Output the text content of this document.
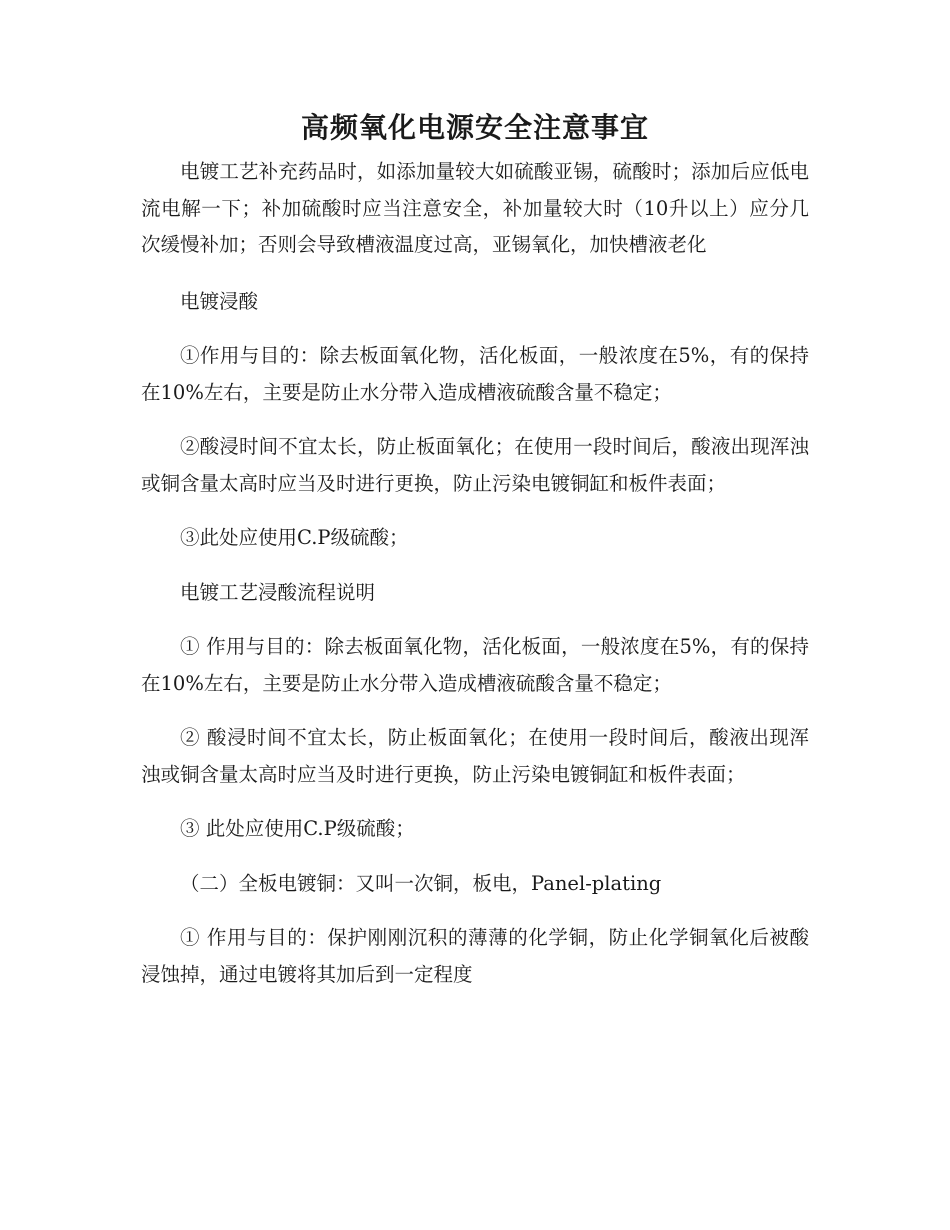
高频氧化电源安全注意事宜

电镀工艺补充药品时，如添加量较大如硫酸亚锡，硫酸时；添加后应低电流电解一下；补加硫酸时应当注意安全，补加量较大时（10升以上）应分几次缓慢补加；否则会导致槽液温度过高，亚锡氧化，加快槽液老化

电镀浸酸

①作用与目的：除去板面氧化物，活化板面，一般浓度在5%，有的保持在10%左右，主要是防止水分带入造成槽液硫酸含量不稳定；

②酸浸时间不宜太长，防止板面氧化；在使用一段时间后，酸液出现浑浊或铜含量太高时应当及时进行更换，防止污染电镀铜缸和板件表面；

③此处应使用C.P级硫酸；

电镀工艺浸酸流程说明

① 作用与目的：除去板面氧化物，活化板面，一般浓度在5%，有的保持在10%左右，主要是防止水分带入造成槽液硫酸含量不稳定；

② 酸浸时间不宜太长，防止板面氧化；在使用一段时间后，酸液出现浑浊或铜含量太高时应当及时进行更换，防止污染电镀铜缸和板件表面；

③ 此处应使用C.P级硫酸；

（二）全板电镀铜：又叫一次铜，板电，Panel-plating

① 作用与目的：保护刚刚沉积的薄薄的化学铜，防止化学铜氧化后被酸浸蚀掉，通过电镀将其加后到一定程度
